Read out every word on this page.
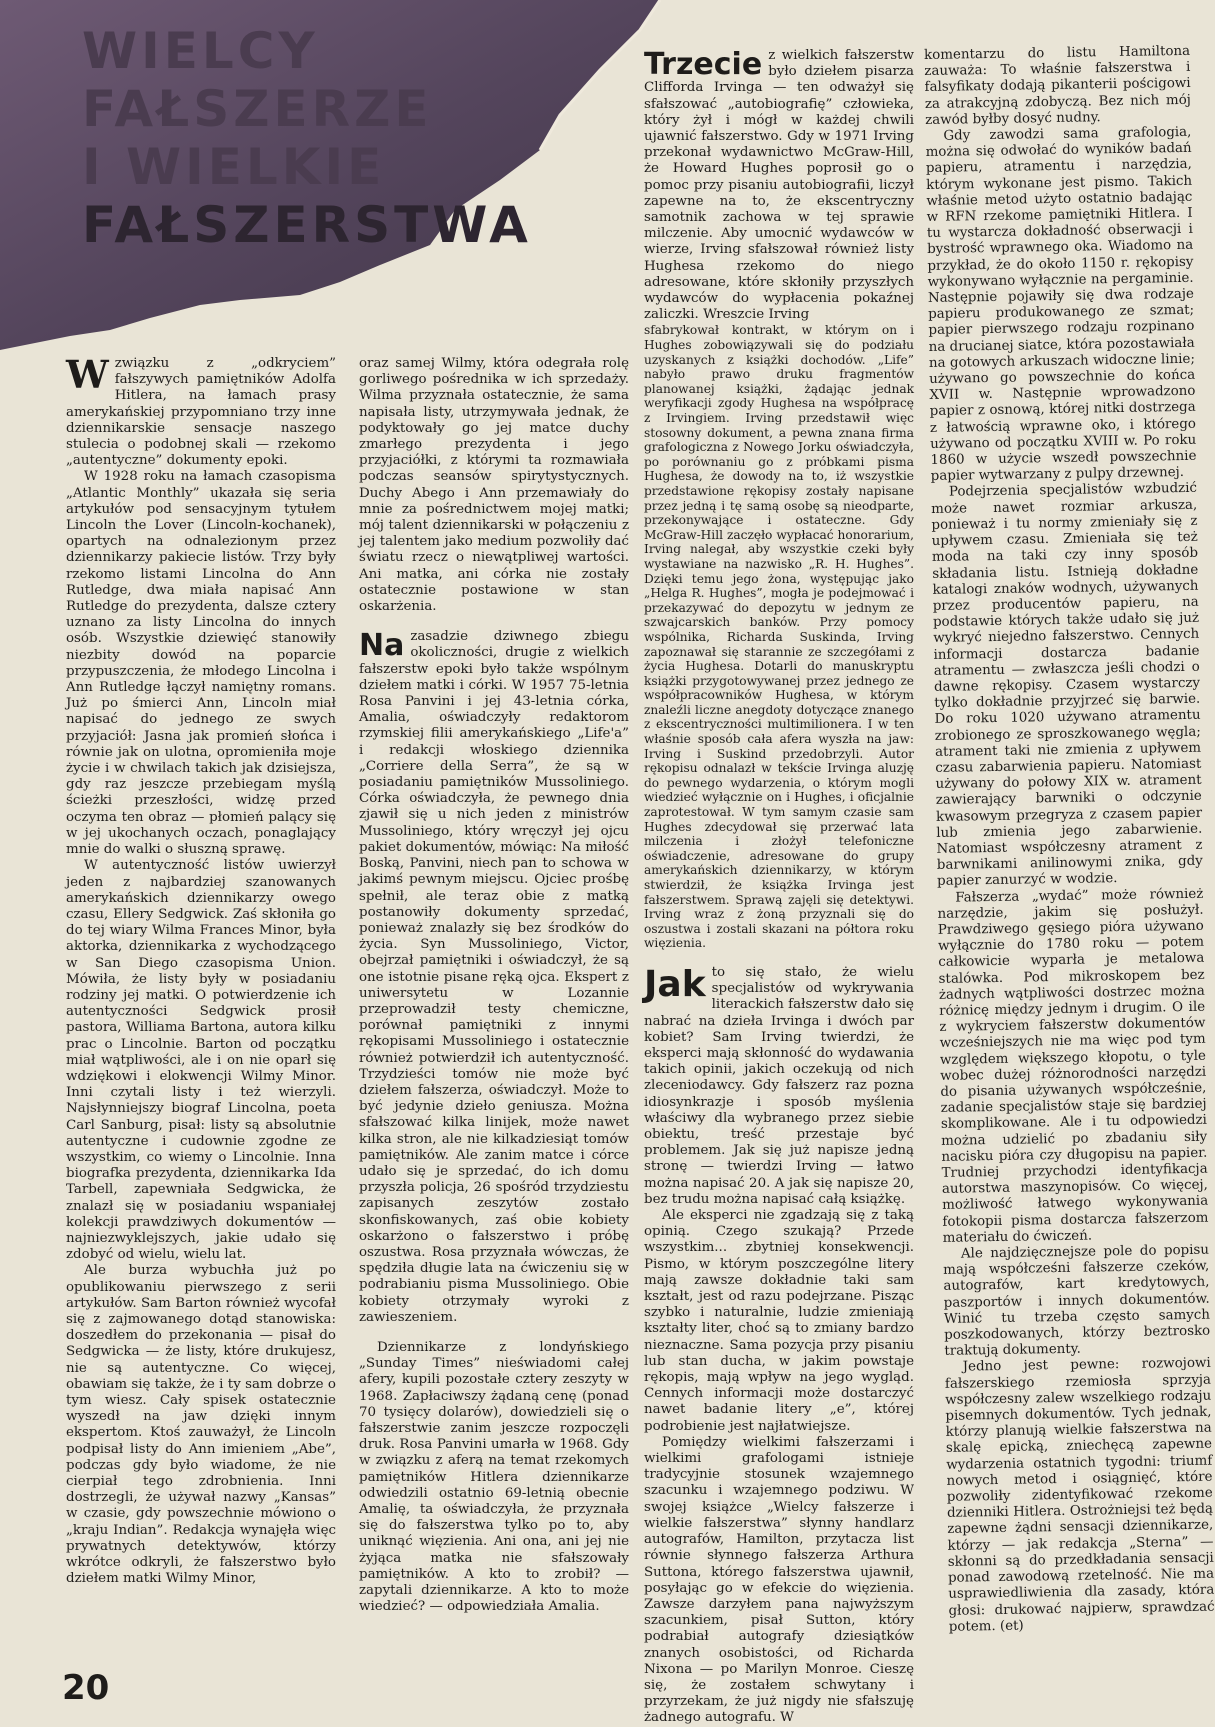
WIELCY
FAŁSZERZE
I WIELKIE
FAŁSZERSTWA

Wzwiązku z „odkryciem” fałszywych pamiętników Adolfa Hitlera, na łamach prasy amerykańskiej przypomniano trzy inne dziennikarskie sensacje naszego stulecia o podobnej skali — rzekomo „autentyczne” dokumenty epoki.

W 1928 roku na łamach czasopisma „Atlantic Monthly” ukazała się seria artykułów pod sensacyjnym tytułem Lincoln the Lover (Lincoln-kochanek), opartych na odnalezionym przez dziennikarzy pakiecie listów. Trzy były rzekomo listami Lincolna do Ann Rutledge, dwa miała napisać Ann Rutledge do prezydenta, dalsze cztery uznano za listy Lincolna do innych osób. Wszystkie dziewięć stanowiły niezbity dowód na poparcie przypuszczenia, że młodego Lincolna i Ann Rutledge łączył namiętny romans. Już po śmierci Ann, Lincoln miał napisać do jednego ze swych przyjaciół: Jasna jak promień słońca i równie jak on ulotna, opromieniła moje życie i w chwilach takich jak dzisiejsza, gdy raz jeszcze przebiegam myślą ścieżki przeszłości, widzę przed oczyma ten obraz — płomień palący się w jej ukochanych oczach, ponaglający mnie do walki o słuszną sprawę.

W autentyczność listów uwierzył jeden z najbardziej szanowanych amerykańskich dziennikarzy owego czasu, Ellery Sedgwick. Zaś skłoniła go do tej wiary Wilma Frances Minor, była aktorka, dziennikarka z wychodzącego w San Diego czasopisma Union. Mówiła, że listy były w posiadaniu rodziny jej matki. O potwierdzenie ich autentyczności Sedgwick prosił pastora, Williama Bartona, autora kilku prac o Lincolnie. Barton od początku miał wątpliwości, ale i on nie oparł się wdziękowi i elokwencji Wilmy Minor. Inni czytali listy i też wierzyli. Najsłynniejszy biograf Lincolna, poeta Carl Sanburg, pisał: listy są absolutnie autentyczne i cudownie zgodne ze wszystkim, co wiemy o Lincolnie. Inna biografka prezydenta, dziennikarka Ida Tarbell, zapewniała Sedgwicka, że znalazł się w posiadaniu wspaniałej kolekcji prawdziwych dokumentów — najniezwyklejszych, jakie udało się zdobyć od wielu, wielu lat.

Ale burza wybuchła już po opublikowaniu pierwszego z serii artykułów. Sam Barton również wycofał się z zajmowanego dotąd stanowiska: doszedłem do przekonania — pisał do Sedgwicka — że listy, które drukujesz, nie są autentyczne. Co więcej, obawiam się także, że i ty sam dobrze o tym wiesz. Cały spisek ostatecznie wyszedł na jaw dzięki innym ekspertom. Ktoś zauważył, że Lincoln podpisał listy do Ann imieniem „Abe”, podczas gdy było wiadome, że nie cierpiał tego zdrobnienia. Inni dostrzegli, że używał nazwy „Kansas” w czasie, gdy powszechnie mówiono o „kraju Indian”. Redakcja wynajęła więc prywatnych detektywów, którzy wkrótce odkryli, że fałszerstwo było dziełem matki Wilmy Minor,

oraz samej Wilmy, która odegrała rolę gorliwego pośrednika w ich sprzedaży. Wilma przyznała ostatecznie, że sama napisała listy, utrzymywała jednak, że podyktowały go jej matce duchy zmarłego prezydenta i jego przyjaciółki, z którymi ta rozmawiała podczas seansów spirytystycznych. Duchy Abego i Ann przemawiały do mnie za pośrednictwem mojej matki; mój talent dziennikarski w połączeniu z jej talentem jako medium pozwoliły dać światu rzecz o niewątpliwej wartości. Ani matka, ani córka nie zostały ostatecznie postawione w stan oskarżenia.

Na zasadzie dziwnego zbiegu okoliczności, drugie z wielkich fałszerstw epoki było także wspólnym dziełem matki i córki. W 1957 75-letnia Rosa Panvini i jej 43-letnia córka, Amalia, oświadczyły redaktorom rzymskiej filii amerykańskiego „Life'a” i redakcji włoskiego dziennika „Corriere della Serra”, że są w posiadaniu pamiętników Mussoliniego. Córka oświadczyła, że pewnego dnia zjawił się u nich jeden z ministrów Mussoliniego, który wręczył jej ojcu pakiet dokumentów, mówiąc: Na miłość Boską, Panvini, niech pan to schowa w jakimś pewnym miejscu. Ojciec prośbę spełnił, ale teraz obie z matką postanowiły dokumenty sprzedać, ponieważ znalazły się bez środków do życia. Syn Mussoliniego, Victor, obejrzał pamiętniki i oświadczył, że są one istotnie pisane ręką ojca. Ekspert z uniwersytetu w Lozannie przeprowadził testy chemiczne, porównał pamiętniki z innymi rękopisami Mussoliniego i ostatecznie również potwierdził ich autentyczność. Trzydzieści tomów nie może być dziełem fałszerza, oświadczył. Może to być jedynie dzieło geniusza. Można sfałszować kilka linijek, może nawet kilka stron, ale nie kilkadziesiąt tomów pamiętników. Ale zanim matce i córce udało się je sprzedać, do ich domu przyszła policja, 26 spośród trzydziestu zapisanych zeszytów zostało skonfiskowanych, zaś obie kobiety oskarżono o fałszerstwo i próbę oszustwa. Rosa przyznała wówczas, że spędziła długie lata na ćwiczeniu się w podrabianiu pisma Mussoliniego. Obie kobiety otrzymały wyroki z zawieszeniem.

Dziennikarze z londyńskiego „Sunday Times” nieświadomi całej afery, kupili pozostałe cztery zeszyty w 1968. Zapłaciwszy żądaną cenę (ponad 70 tysięcy dolarów), dowiedzieli się o fałszerstwie zanim jeszcze rozpoczęli druk. Rosa Panvini umarła w 1968. Gdy w związku z aferą na temat rzekomych pamiętników Hitlera dziennikarze odwiedzili ostatnio 69-letnią obecnie Amalię, ta oświadczyła, że przyznała się do fałszerstwa tylko po to, aby uniknąć więzienia. Ani ona, ani jej nie żyjąca matka nie sfałszowały pamiętników. A kto to zrobił? — zapytali dziennikarze. A kto to może wiedzieć? — odpowiedziała Amalia.

Trzecie z wielkich fałszerstw było dziełem pisarza Clifforda Irvinga — ten odważył się sfałszować „autobiografię” człowieka, który żył i mógł w każdej chwili ujawnić fałszerstwo. Gdy w 1971 Irving przekonał wydawnictwo McGraw-Hill, że Howard Hughes poprosił go o pomoc przy pisaniu autobiografii, liczył zapewne na to, że ekscentryczny samotnik zachowa w tej sprawie milczenie. Aby umocnić wydawców w wierze, Irving sfałszował również listy Hughesa rzekomo do niego adresowane, które skłoniły przyszłych wydawców do wypłacenia pokaźnej zaliczki. Wreszcie Irving

sfabrykował kontrakt, w którym on i Hughes zobowiązywali się do podziału uzyskanych z książki dochodów. „Life” nabyło prawo druku fragmentów planowanej książki, żądając jednak weryfikacji zgody Hughesa na współpracę z Irvingiem. Irving przedstawił więc stosowny dokument, a pewna znana firma grafologiczna z Nowego Jorku oświadczyła, po porównaniu go z próbkami pisma Hughesa, że dowody na to, iż wszystkie przedstawione rękopisy zostały napisane przez jedną i tę samą osobę są nieodparte, przekonywające i ostateczne. Gdy McGraw-Hill zaczęło wypłacać honorarium, Irving nalegał, aby wszystkie czeki były wystawiane na nazwisko „R. H. Hughes”. Dzięki temu jego żona, występując jako „Helga R. Hughes”, mogła je podejmować i przekazywać do depozytu w jednym ze szwajcarskich banków. Przy pomocy wspólnika, Richarda Suskinda, Irving zapoznawał się starannie ze szczegółami z życia Hughesa. Dotarli do manuskryptu książki przygotowywanej przez jednego ze współpracowników Hughesa, w którym znaleźli liczne anegdoty dotyczące znanego z ekscentryczności multimilionera. I w ten właśnie sposób cała afera wyszła na jaw: Irving i Suskind przedobrzyli. Autor rękopisu odnalazł w tekście Irvinga aluzję do pewnego wydarzenia, o którym mogli wiedzieć wyłącznie on i Hughes, i oficjalnie zaprotestował. W tym samym czasie sam Hughes zdecydował się przerwać lata milczenia i złożył telefoniczne oświadczenie, adresowane do grupy amerykańskich dziennikarzy, w którym stwierdził, że książka Irvinga jest fałszerstwem. Sprawą zajęli się detektywi. Irving wraz z żoną przyznali się do oszustwa i zostali skazani na półtora roku więzienia.

Jak to się stało, że wielu specjalistów od wykrywania literackich fałszerstw dało się nabrać na dzieła Irvinga i dwóch par kobiet? Sam Irving twierdzi, że eksperci mają skłonność do wydawania takich opinii, jakich oczekują od nich zleceniodawcy. Gdy fałszerz raz pozna idiosynkrazje i sposób myślenia właściwy dla wybranego przez siebie obiektu, treść przestaje być problemem. Jak się już napisze jedną stronę — twierdzi Irving — łatwo można napisać 20. A jak się napisze 20, bez trudu można napisać całą książkę.

Ale eksperci nie zgadzają się z taką opinią. Czego szukają? Przede wszystkim... zbytniej konsekwencji. Pismo, w którym poszczególne litery mają zawsze dokładnie taki sam kształt, jest od razu podejrzane. Pisząc szybko i naturalnie, ludzie zmieniają kształty liter, choć są to zmiany bardzo nieznaczne. Sama pozycja przy pisaniu lub stan ducha, w jakim powstaje rękopis, mają wpływ na jego wygląd. Cennych informacji może dostarczyć nawet badanie litery „e”, której podrobienie jest najłatwiejsze.

Pomiędzy wielkimi fałszerzami i wielkimi grafologami istnieje tradycyjnie stosunek wzajemnego szacunku i wzajemnego podziwu. W swojej książce „Wielcy fałszerze i wielkie fałszerstwa” słynny handlarz autografów, Hamilton, przytacza list równie słynnego fałszerza Arthura Suttona, którego fałszerstwa ujawnił, posyłając go w efekcie do więzienia. Zawsze darzyłem pana najwyższym szacunkiem, pisał Sutton, który podrabiał autografy dziesiątków znanych osobistości, od Richarda Nixona — po Marilyn Monroe. Cieszę się, że zostałem schwytany i przyrzekam, że już nigdy nie sfałszuję żadnego autografu. W

komentarzu do listu Hamiltona zauważa: To właśnie fałszerstwa i falsyfikaty dodają pikanterii pościgowi za atrakcyjną zdobyczą. Bez nich mój zawód byłby dosyć nudny.

Gdy zawodzi sama grafologia, można się odwołać do wyników badań papieru, atramentu i narzędzia, którym wykonane jest pismo. Takich właśnie metod użyto ostatnio badając w RFN rzekome pamiętniki Hitlera. I tu wystarcza dokładność obserwacji i bystrość wprawnego oka. Wiadomo na przykład, że do około 1150 r. rękopisy wykonywano wyłącznie na pergaminie. Następnie pojawiły się dwa rodzaje papieru produkowanego ze szmat; papier pierwszego rodzaju rozpinano na drucianej siatce, która pozostawiała na gotowych arkuszach widoczne linie; używano go powszechnie do końca XVII w. Następnie wprowadzono papier z osnową, której nitki dostrzega z łatwością wprawne oko, i którego używano od początku XVIII w. Po roku 1860 w użycie wszedł powszechnie papier wytwarzany z pulpy drzewnej.

Podejrzenia specjalistów wzbudzić może nawet rozmiar arkusza, ponieważ i tu normy zmieniały się z upływem czasu. Zmieniała się też moda na taki czy inny sposób składania listu. Istnieją dokładne katalogi znaków wodnych, używanych przez producentów papieru, na podstawie których także udało się już wykryć niejedno fałszerstwo. Cennych informacji dostarcza badanie atramentu — zwłaszcza jeśli chodzi o dawne rękopisy. Czasem wystarczy tylko dokładnie przyjrzeć się barwie. Do roku 1020 używano atramentu zrobionego ze sproszkowanego węgla; atrament taki nie zmienia z upływem czasu zabarwienia papieru. Natomiast używany do połowy XIX w. atrament zawierający barwniki o odczynie kwasowym przegryza z czasem papier lub zmienia jego zabarwienie. Natomiast współczesny atrament z barwnikami anilinowymi znika, gdy papier zanurzyć w wodzie.

Fałszerza „wydać” może również narzędzie, jakim się posłużył. Prawdziwego gęsiego pióra używano wyłącznie do 1780 roku — potem całkowicie wyparła je metalowa stalówka. Pod mikroskopem bez żadnych wątpliwości dostrzec można różnicę między jednym i drugim. O ile z wykryciem fałszerstw dokumentów wcześniejszych nie ma więc pod tym względem większego kłopotu, o tyle wobec dużej różnorodności narzędzi do pisania używanych współcześnie, zadanie specjalistów staje się bardziej skomplikowane. Ale i tu odpowiedzi można udzielić po zbadaniu siły nacisku pióra czy długopisu na papier. Trudniej przychodzi identyfikacja autorstwa maszynopisów. Co więcej, możliwość łatwego wykonywania fotokopii pisma dostarcza fałszerzom materiału do ćwiczeń.

Ale najdzięcznejsze pole do popisu mają współcześni fałszerze czeków, autografów, kart kredytowych, paszportów i innych dokumentów. Winić tu trzeba często samych poszkodowanych, którzy beztrosko traktują dokumenty.

Jedno jest pewne: rozwojowi fałszerskiego rzemiosła sprzyja współczesny zalew wszelkiego rodzaju pisemnych dokumentów. Tych jednak, którzy planują wielkie fałszerstwa na skalę epicką, zniechęcą zapewne wydarzenia ostatnich tygodni: triumf nowych metod i osiągnięć, które pozwoliły zidentyfikować rzekome dzienniki Hitlera. Ostrożniejsi też będą zapewne żądni sensacji dziennikarze, którzy — jak redakcja „Sterna” — skłonni są do przedkładania sensacji ponad zawodową rzetelność. Nie ma usprawiedliwienia dla zasady, która głosi: drukować najpierw, sprawdzać potem. (et)

20
